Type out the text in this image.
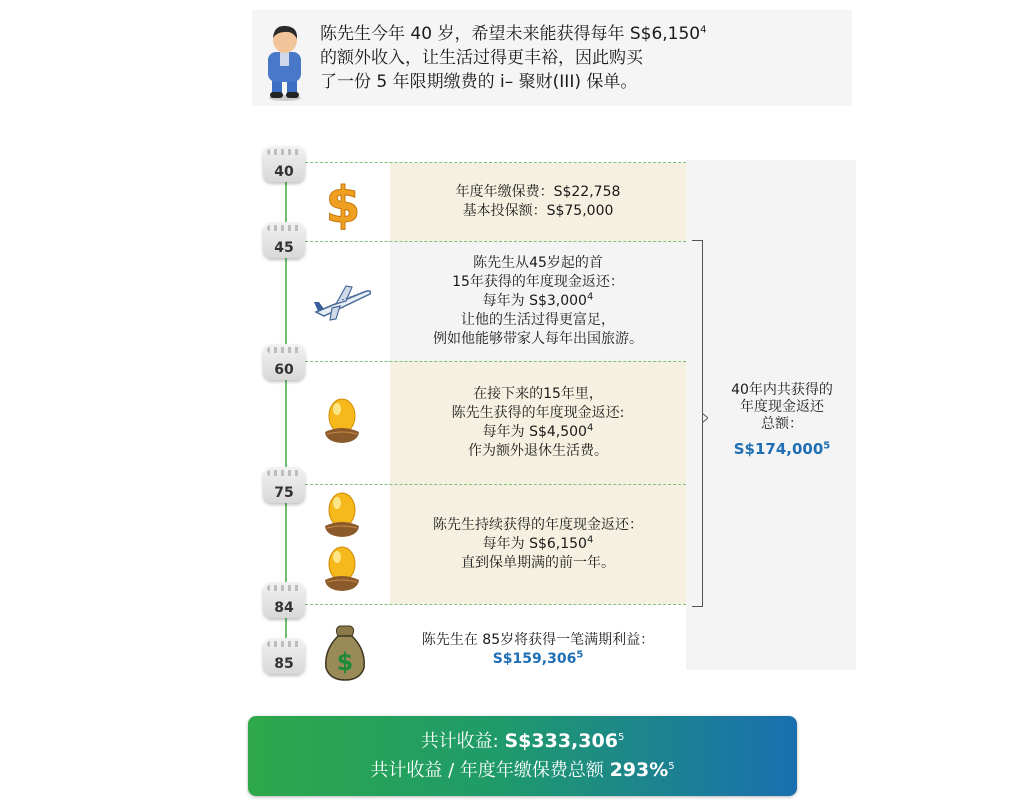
陈先生今年 40 岁，希望未来能获得每年 S$6,150$^4$
的额外收入，让生活过得更丰裕，因此购买
了一份 5 年限期缴费的 i– 聚财(III) 保单。
40
45
60
75
84
85
$
$
年度年缴保费：S$22,758
基本投保额：S$75,000
陈先生从45岁起的首
15年获得的年度现金返还：
每年为 S$3,000$^4$
让他的生活过得更富足，
例如他能够带家人每年出国旅游。
在接下来的15年里，
陈先生获得的年度现金返还:
每年为 S$4,500$^4$
作为额外退休生活费。
陈先生持续获得的年度现金返还：
每年为 S$6,150$^4$
直到保单期满的前一年。
陈先生在 85岁将获得一笔满期利益：
S$159,306$^5$
40年内共获得的
年度现金返还
总额：
S$174,000$^5$
共计收益: S$333,306$^5$
共计收益 / 年度年缴保费总额 293%$^5$
